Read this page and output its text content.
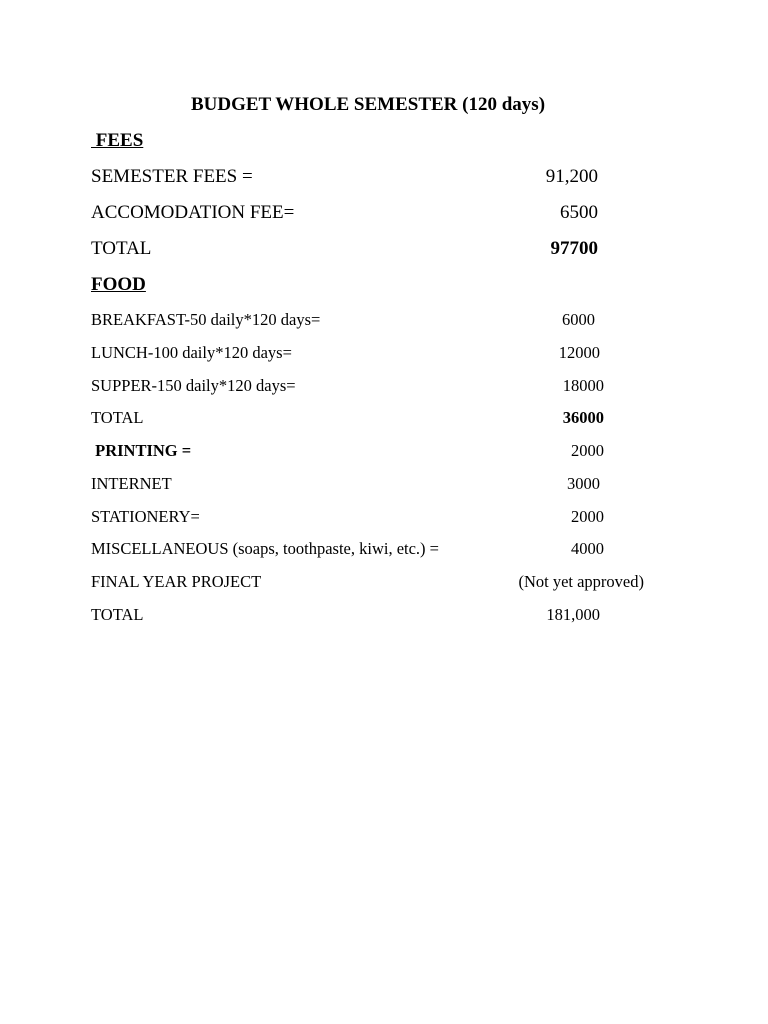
BUDGET WHOLE SEMESTER (120 days)
FEES
SEMESTER FEES =	91,200
ACCOMODATION FEE=	6500
TOTAL	97700
FOOD
BREAKFAST-50 daily*120 days=	6000
LUNCH-100 daily*120 days=	12000
SUPPER-150 daily*120 days=	18000
TOTAL	36000
PRINTING =	2000
INTERNET	3000
STATIONERY=	2000
MISCELLANEOUS (soaps, toothpaste, kiwi, etc.) =	4000
FINAL YEAR PROJECT	(Not yet approved)
TOTAL	181,000
